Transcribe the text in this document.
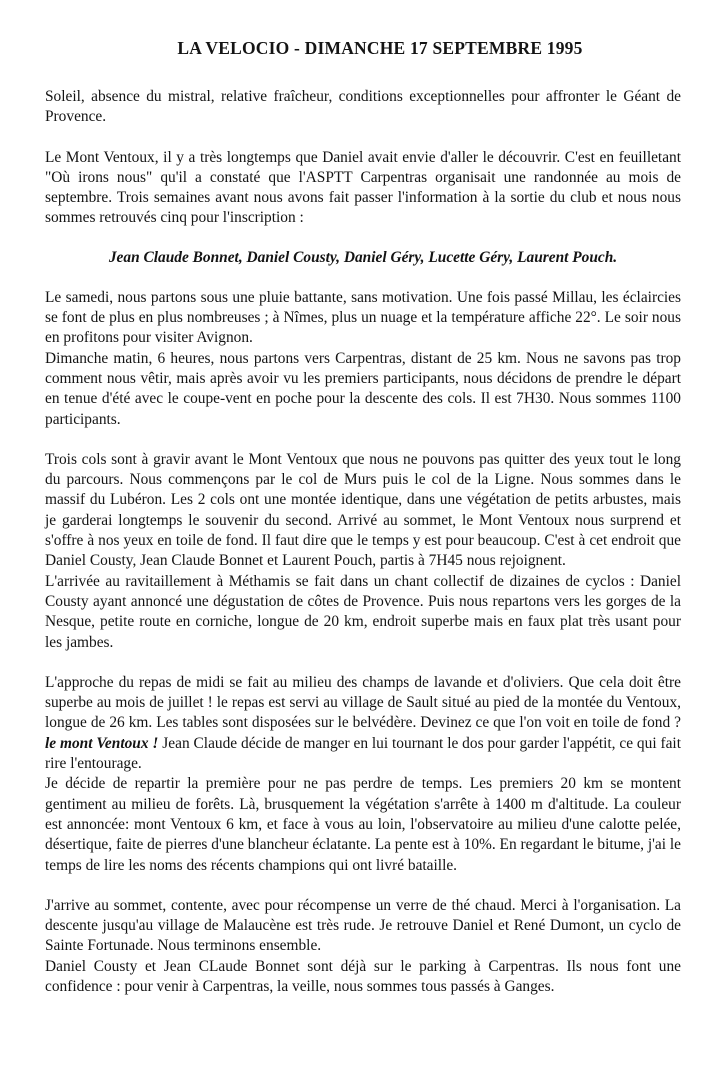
LA VELOCIO - DIMANCHE 17 SEPTEMBRE 1995

Soleil, absence du mistral, relative fraîcheur, conditions exceptionnelles pour affronter le Géant de Provence.

Le Mont Ventoux, il y a très longtemps que Daniel avait envie d'aller le découvrir. C'est en feuilletant "Où irons nous" qu'il a constaté que l'ASPTT Carpentras organisait une randonnée au mois de septembre. Trois semaines avant nous avons fait passer l'information à la sortie du club et nous nous sommes retrouvés cinq pour l'inscription :

Jean Claude Bonnet, Daniel Cousty, Daniel Géry, Lucette Géry, Laurent Pouch.

Le samedi, nous partons sous une pluie battante, sans motivation. Une fois passé Millau, les éclaircies se font de plus en plus nombreuses ; à Nîmes, plus un nuage et la température affiche 22°. Le soir nous en profitons pour visiter Avignon.

Dimanche matin, 6 heures, nous partons vers Carpentras, distant de 25 km. Nous ne savons pas trop comment nous vêtir, mais après avoir vu les premiers participants, nous décidons de prendre le départ en tenue d'été avec le coupe-vent en poche pour la descente des cols. Il est 7H30. Nous sommes 1100 participants.

Trois cols sont à gravir avant le Mont Ventoux que nous ne pouvons pas quitter des yeux tout le long du parcours. Nous commençons par le col de Murs puis le col de la Ligne. Nous sommes dans le massif du Lubéron. Les 2 cols ont une montée identique, dans une végétation de petits arbustes, mais je garderai longtemps le souvenir du second. Arrivé au sommet, le Mont Ventoux nous surprend et s'offre à nos yeux en toile de fond. Il faut dire que le temps y est pour beaucoup. C'est à cet endroit que Daniel Cousty, Jean Claude Bonnet et Laurent Pouch, partis à 7H45 nous rejoignent.

L'arrivée au ravitaillement à Méthamis se fait dans un chant collectif de dizaines de cyclos : Daniel Cousty ayant annoncé une dégustation de côtes de Provence. Puis nous repartons vers les gorges de la Nesque, petite route en corniche, longue de 20 km, endroit superbe mais en faux plat très usant pour les jambes.

L'approche du repas de midi se fait au milieu des champs de lavande et d'oliviers. Que cela doit être superbe au mois de juillet ! le repas est servi au village de Sault situé au pied de la montée du Ventoux, longue de 26 km. Les tables sont disposées sur le belvédère. Devinez ce que l'on voit en toile de fond ? le mont Ventoux ! Jean Claude décide de manger en lui tournant le dos pour garder l'appétit, ce qui fait rire l'entourage.

Je décide de repartir la première pour ne pas perdre de temps. Les premiers 20 km se montent gentiment au milieu de forêts. Là, brusquement la végétation s'arrête à 1400 m d'altitude. La couleur est annoncée: mont Ventoux 6 km, et face à vous au loin, l'observatoire au milieu d'une calotte pelée, désertique, faite de pierres d'une blancheur éclatante. La pente est à 10%. En regardant le bitume, j'ai le temps de lire les noms des récents champions qui ont livré bataille.

J'arrive au sommet, contente, avec pour récompense un verre de thé chaud. Merci à l'organisation. La descente jusqu'au village de Malaucène est très rude. Je retrouve Daniel et René Dumont, un cyclo de Sainte Fortunade. Nous terminons ensemble.

Daniel Cousty et Jean CLaude Bonnet sont déjà sur le parking à Carpentras. Ils nous font une confidence : pour venir à Carpentras, la veille, nous sommes tous passés à Ganges.
